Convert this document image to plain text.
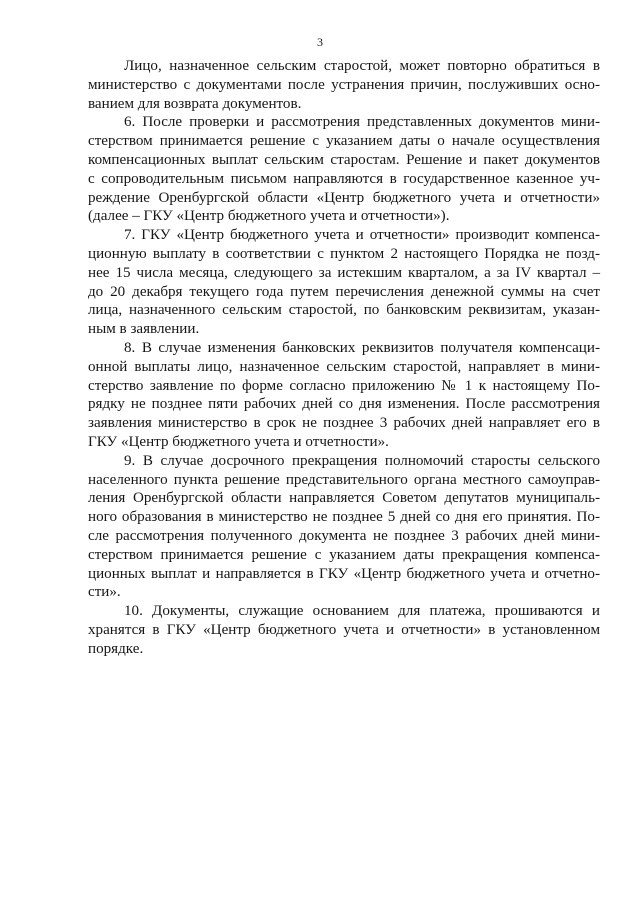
3
Лицо, назначенное сельским старостой, может повторно обратиться в
министерство с документами после устранения причин, послуживших осно-
ванием для возврата документов.
6. После проверки и рассмотрения представленных документов мини-
стерством принимается решение с указанием даты о начале осуществления
компенсационных выплат сельским старостам. Решение и пакет документов
с сопроводительным письмом направляются в государственное казенное уч-
реждение Оренбургской области «Центр бюджетного учета и отчетности»
(далее – ГКУ «Центр бюджетного учета и отчетности»).
7. ГКУ «Центр бюджетного учета и отчетности» производит компенса-
ционную выплату в соответствии с пунктом 2 настоящего Порядка не позд-
нее 15 числа месяца, следующего за истекшим кварталом, а за IV квартал –
до 20 декабря текущего года путем перечисления денежной суммы на счет
лица, назначенного сельским старостой, по банковским реквизитам, указан-
ным в заявлении.
8. В случае изменения банковских реквизитов получателя компенсаци-
онной выплаты лицо, назначенное сельским старостой, направляет в мини-
стерство заявление по форме согласно приложению № 1 к настоящему По-
рядку не позднее пяти рабочих дней со дня изменения. После рассмотрения
заявления министерство в срок не позднее 3 рабочих дней направляет его в
ГКУ «Центр бюджетного учета и отчетности».
9. В случае досрочного прекращения полномочий старосты сельского
населенного пункта решение представительного органа местного самоуправ-
ления Оренбургской области направляется Советом депутатов муниципаль-
ного образования в министерство не позднее 5 дней со дня его принятия. По-
сле рассмотрения полученного документа не позднее 3 рабочих дней мини-
стерством принимается решение с указанием даты прекращения компенса-
ционных выплат и направляется в ГКУ «Центр бюджетного учета и отчетно-
сти».
10. Документы, служащие основанием для платежа, прошиваются и
хранятся в ГКУ «Центр бюджетного учета и отчетности» в установленном
порядке.
